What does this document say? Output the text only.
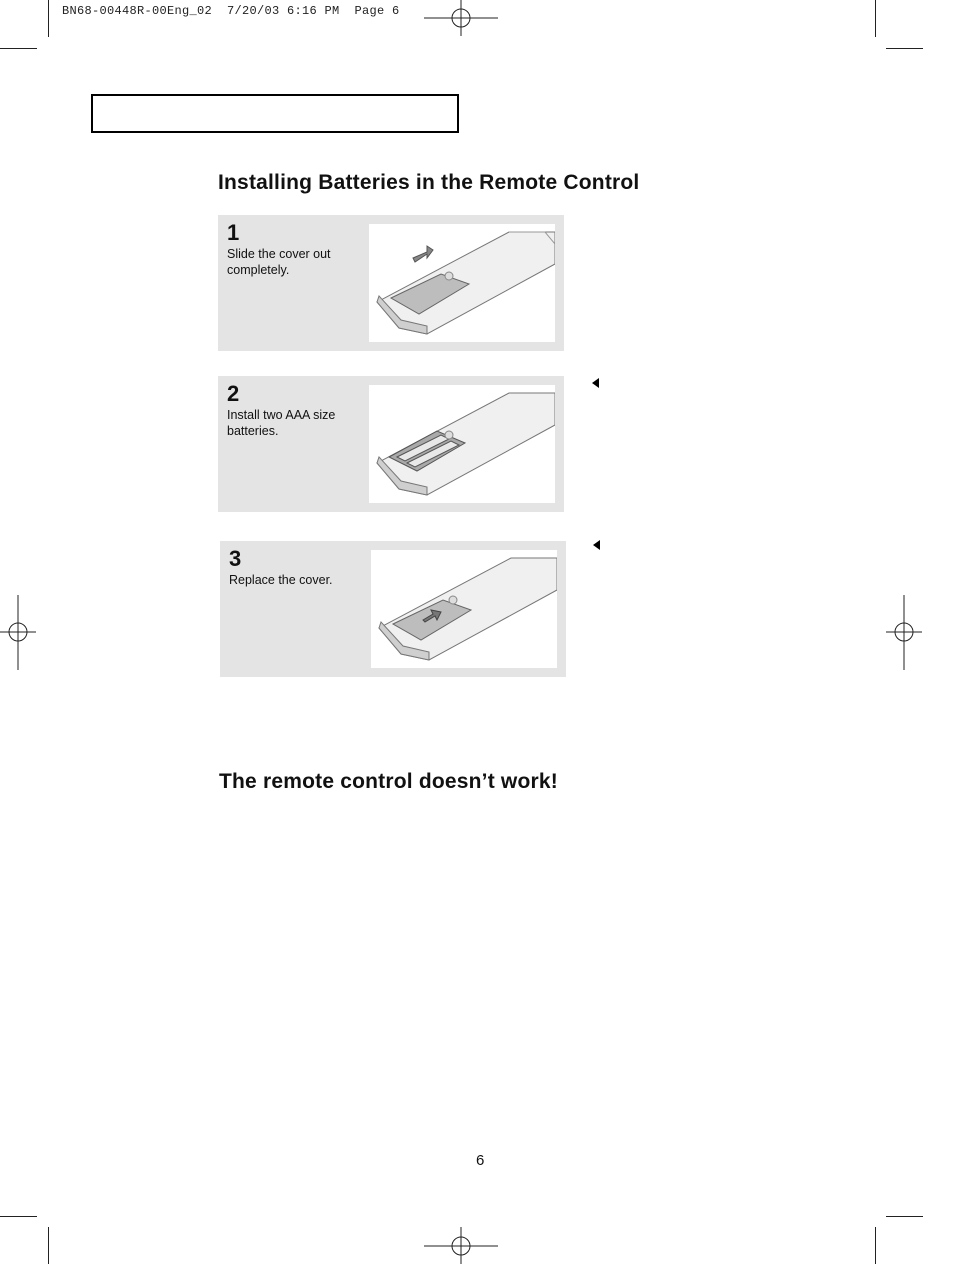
BN68-00448R-00Eng_02  7/20/03 6:16 PM  Page 6
Installing Batteries in the Remote Control
1
Slide the cover out completely.
2
Install two AAA size batteries.
3
Replace the cover.
The remote control doesn’t work!
6
